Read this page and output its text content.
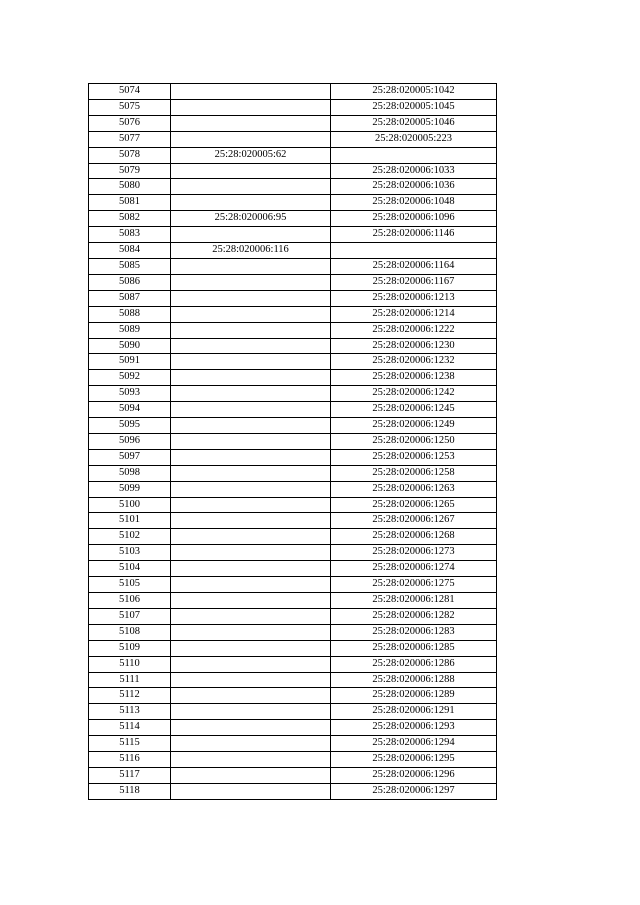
5074		25:28:020005:1042
5075		25:28:020005:1045
5076		25:28:020005:1046
5077		25:28:020005:223
5078	25:28:020005:62	
5079		25:28:020006:1033
5080		25:28:020006:1036
5081		25:28:020006:1048
5082	25:28:020006:95	25:28:020006:1096
5083		25:28:020006:1146
5084	25:28:020006:116	
5085		25:28:020006:1164
5086		25:28:020006:1167
5087		25:28:020006:1213
5088		25:28:020006:1214
5089		25:28:020006:1222
5090		25:28:020006:1230
5091		25:28:020006:1232
5092		25:28:020006:1238
5093		25:28:020006:1242
5094		25:28:020006:1245
5095		25:28:020006:1249
5096		25:28:020006:1250
5097		25:28:020006:1253
5098		25:28:020006:1258
5099		25:28:020006:1263
5100		25:28:020006:1265
5101		25:28:020006:1267
5102		25:28:020006:1268
5103		25:28:020006:1273
5104		25:28:020006:1274
5105		25:28:020006:1275
5106		25:28:020006:1281
5107		25:28:020006:1282
5108		25:28:020006:1283
5109		25:28:020006:1285
5110		25:28:020006:1286
5111		25:28:020006:1288
5112		25:28:020006:1289
5113		25:28:020006:1291
5114		25:28:020006:1293
5115		25:28:020006:1294
5116		25:28:020006:1295
5117		25:28:020006:1296
5118		25:28:020006:1297
